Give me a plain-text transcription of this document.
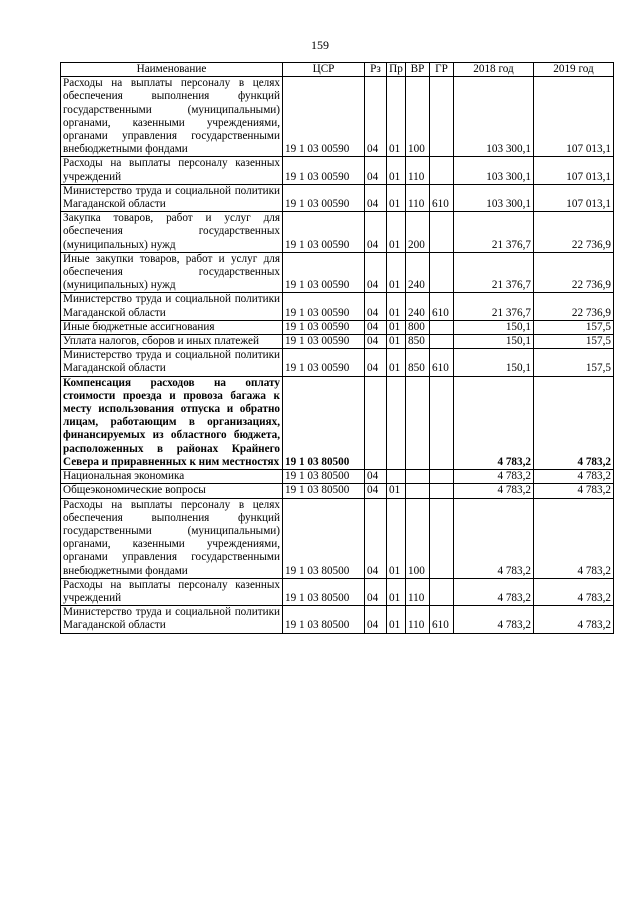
159
Наименование	ЦСР	Рз	Пр	ВР	ГР	2018 год	2019 год
Расходы на выплаты персоналу в целях обеспечения выполнения функций государственными (муниципальными) органами, казенными учреждениями, органами управления государственными внебюджетными фондами	19 1 03 00590	04	01	100		103 300,1	107 013,1
Расходы на выплаты персоналу казенных учреждений	19 1 03 00590	04	01	110		103 300,1	107 013,1
Министерство труда и социальной политики Магаданской области	19 1 03 00590	04	01	110	610	103 300,1	107 013,1
Закупка товаров, работ и услуг для обеспечения государственных (муниципальных) нужд	19 1 03 00590	04	01	200		21 376,7	22 736,9
Иные закупки товаров, работ и услуг для обеспечения государственных (муниципальных) нужд	19 1 03 00590	04	01	240		21 376,7	22 736,9
Министерство труда и социальной политики Магаданской области	19 1 03 00590	04	01	240	610	21 376,7	22 736,9
Иные бюджетные ассигнования	19 1 03 00590	04	01	800		150,1	157,5
Уплата налогов, сборов и иных платежей	19 1 03 00590	04	01	850		150,1	157,5
Министерство труда и социальной политики Магаданской области	19 1 03 00590	04	01	850	610	150,1	157,5
Компенсация расходов на оплату стоимости проезда и провоза багажа к месту использования отпуска и обратно лицам, работающим в организациях, финансируемых из областного бюджета, расположенных в районах Крайнего Севера и приравненных к ним местностях	19 1 03 80500					4 783,2	4 783,2
Национальная экономика	19 1 03 80500	04				4 783,2	4 783,2
Общеэкономические вопросы	19 1 03 80500	04	01			4 783,2	4 783,2
Расходы на выплаты персоналу в целях обеспечения выполнения функций государственными (муниципальными) органами, казенными учреждениями, органами управления государственными внебюджетными фондами	19 1 03 80500	04	01	100		4 783,2	4 783,2
Расходы на выплаты персоналу казенных учреждений	19 1 03 80500	04	01	110		4 783,2	4 783,2
Министерство труда и социальной политики Магаданской области	19 1 03 80500	04	01	110	610	4 783,2	4 783,2
